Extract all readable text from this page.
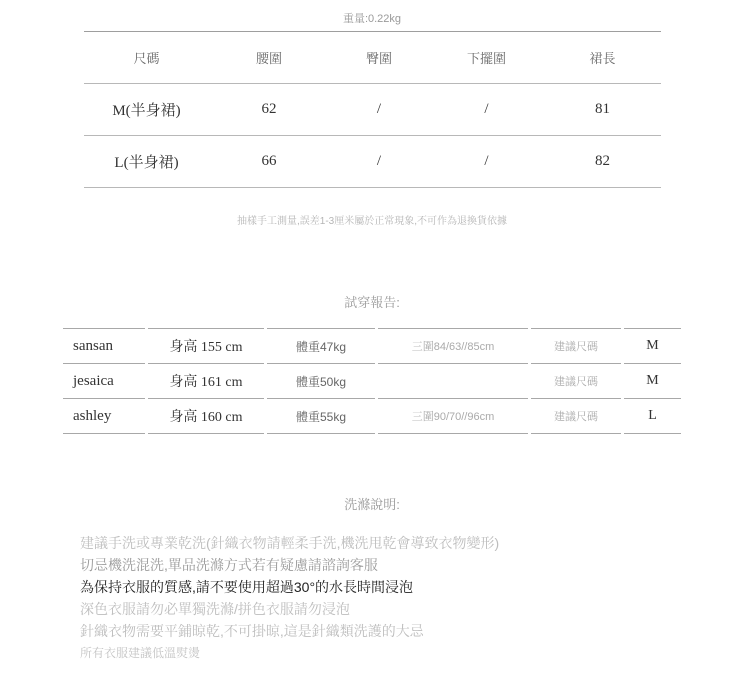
重量:0.22kg
尺碼	腰圍	臀圍	下擺圍	裙長
M(半身裙)	62	/	/	81
L(半身裙)	66	/	/	82
抽樣手工測量,誤差1-3厘米屬於正常現象,不可作為退換貨依據
試穿報告:
sansan	身高 155 cm	體重47kg	三圍84/63//85cm	建議尺碼	M
jesaica	身高 161 cm	體重50kg		建議尺碼	M
ashley	身高 160 cm	體重55kg	三圍90/70//96cm	建議尺碼	L
洗滌說明:
建議手洗或專業乾洗(針織衣物請輕柔手洗,機洗甩乾會導致衣物變形)
切忌機洗混洗,單品洗滌方式若有疑慮請諮詢客服
為保持衣服的質感,請不要使用超過30°的水長時間浸泡
深色衣服請勿必單獨洗滌/拼色衣服請勿浸泡
針織衣物需要平鋪晾乾,不可掛晾,這是針織類洗護的大忌
所有衣服建議低溫熨燙
